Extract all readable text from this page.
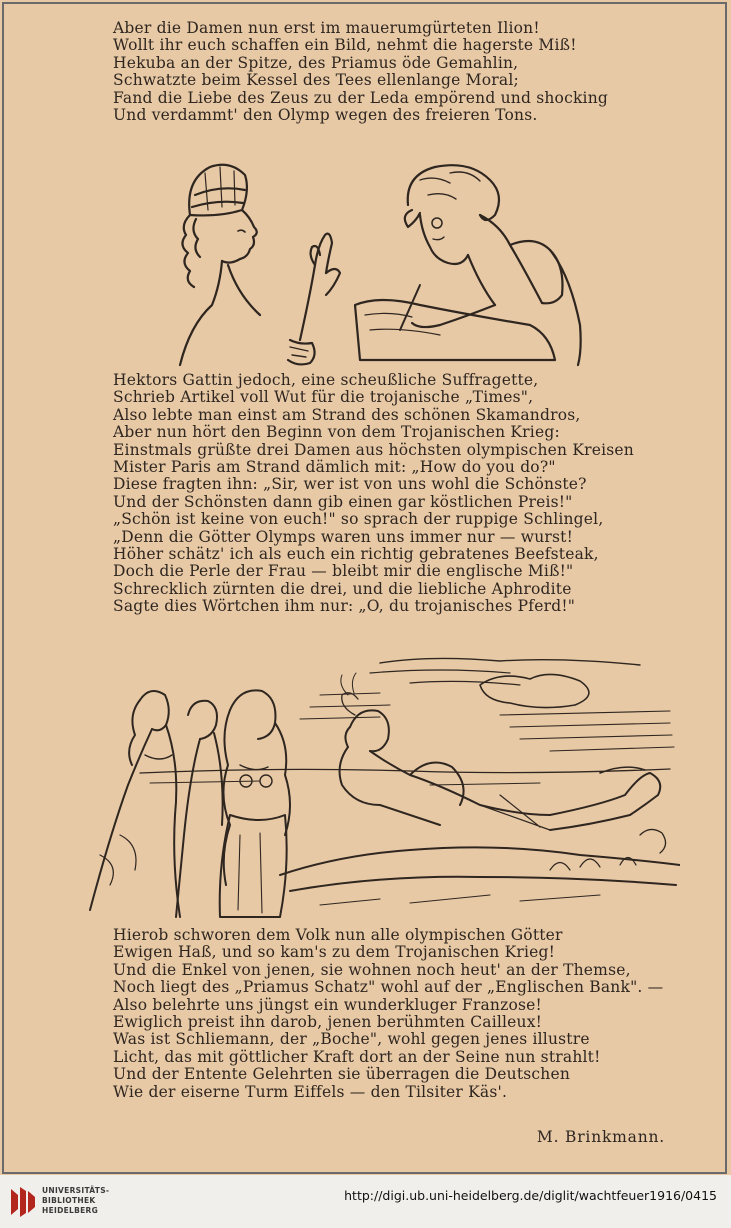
Aber die Damen nun erst im mauerumgürteten Ilion!
Wollt ihr euch schaffen ein Bild, nehmt die hagerste Miß!
Hekuba an der Spitze, des Priamus öde Gemahlin,
Schwatzte beim Kessel des Tees ellenlange Moral;
Fand die Liebe des Zeus zu der Leda empörend und shocking
Und verdammt' den Olymp wegen des freieren Tons.
Hektors Gattin jedoch, eine scheußliche Suffragette,
Schrieb Artikel voll Wut für die trojanische „Times",
Also lebte man einst am Strand des schönen Skamandros,
Aber nun hört den Beginn von dem Trojanischen Krieg:
Einstmals grüßte drei Damen aus höchsten olympischen Kreisen
Mister Paris am Strand dämlich mit: „How do you do?"
Diese fragten ihn: „Sir, wer ist von uns wohl die Schönste?
Und der Schönsten dann gib einen gar köstlichen Preis!"
„Schön ist keine von euch!" so sprach der ruppige Schlingel,
„Denn die Götter Olymps waren uns immer nur — wurst!
Höher schätz' ich als euch ein richtig gebratenes Beefsteak,
Doch die Perle der Frau — bleibt mir die englische Miß!"
Schrecklich zürnten die drei, und die liebliche Aphrodite
Sagte dies Wörtchen ihm nur: „O, du trojanisches Pferd!"
Hierob schworen dem Volk nun alle olympischen Götter
Ewigen Haß, und so kam's zu dem Trojanischen Krieg!
Und die Enkel von jenen, sie wohnen noch heut' an der Themse,
Noch liegt des „Priamus Schatz" wohl auf der „Englischen Bank". —
Also belehrte uns jüngst ein wunderkluger Franzose!
Ewiglich preist ihn darob, jenen berühmten Cailleux!
Was ist Schliemann, der „Boche", wohl gegen jenes illustre
Licht, das mit göttlicher Kraft dort an der Seine nun strahlt!
Und der Entente Gelehrten sie überragen die Deutschen
Wie der eiserne Turm Eiffels — den Tilsiter Käs'.
M. Brinkmann.
UNIVERSITÄTS-
BIBLIOTHEK
HEIDELBERG
http://digi.ub.uni-heidelberg.de/diglit/wachtfeuer1916/0415
